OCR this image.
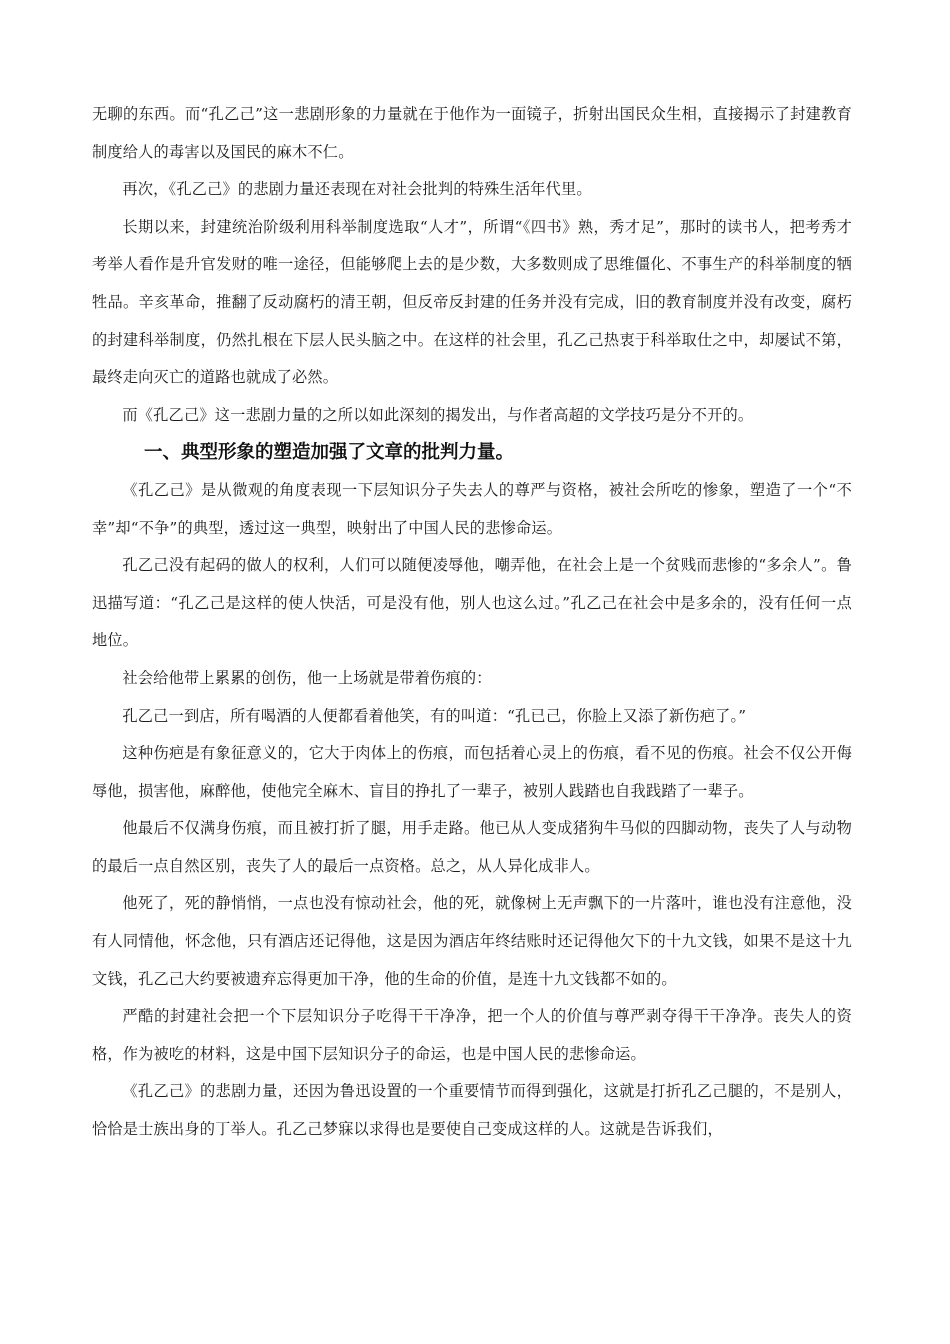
无聊的东西。而“孔乙己”这一悲剧形象的力量就在于他作为一面镜子，折射出国民众生相，直接揭示了封建教育制度给人的毒害以及国民的麻木不仁。

再次，《孔乙己》的悲剧力量还表现在对社会批判的特殊生活年代里。

长期以来，封建统治阶级利用科举制度选取“人才”，所谓“《四书》熟，秀才足”，那时的读书人，把考秀才考举人看作是升官发财的唯一途径，但能够爬上去的是少数，大多数则成了思维僵化、不事生产的科举制度的牺牲品。辛亥革命，推翻了反动腐朽的清王朝，但反帝反封建的任务并没有完成，旧的教育制度并没有改变，腐朽的封建科举制度，仍然扎根在下层人民头脑之中。在这样的社会里，孔乙己热衷于科举取仕之中，却屡试不第，最终走向灭亡的道路也就成了必然。

而《孔乙己》这一悲剧力量的之所以如此深刻的揭发出，与作者高超的文学技巧是分不开的。

一、典型形象的塑造加强了文章的批判力量。

《孔乙己》是从微观的角度表现一下层知识分子失去人的尊严与资格，被社会所吃的惨象，塑造了一个“不幸”却“不争”的典型，透过这一典型，映射出了中国人民的悲惨命运。

孔乙己没有起码的做人的权利，人们可以随便凌辱他，嘲弄他，在社会上是一个贫贱而悲惨的“多余人”。鲁迅描写道：“孔乙己是这样的使人快活，可是没有他，别人也这么过。”孔乙己在社会中是多余的，没有任何一点地位。

社会给他带上累累的创伤，他一上场就是带着伤痕的：

孔乙己一到店，所有喝酒的人便都看着他笑，有的叫道：“孔已己，你脸上又添了新伤疤了。”

这种伤疤是有象征意义的，它大于肉体上的伤痕，而包括着心灵上的伤痕，看不见的伤痕。社会不仅公开侮辱他，损害他，麻醉他，使他完全麻木、盲目的挣扎了一辈子，被别人践踏也自我践踏了一辈子。

他最后不仅满身伤痕，而且被打折了腿，用手走路。他已从人变成猪狗牛马似的四脚动物，丧失了人与动物的最后一点自然区别，丧失了人的最后一点资格。总之，从人异化成非人。

他死了，死的静悄悄，一点也没有惊动社会，他的死，就像树上无声飘下的一片落叶，谁也没有注意他，没有人同情他，怀念他，只有酒店还记得他，这是因为酒店年终结账时还记得他欠下的十九文钱，如果不是这十九文钱，孔乙己大约要被遗弃忘得更加干净，他的生命的价值，是连十九文钱都不如的。

严酷的封建社会把一个下层知识分子吃得干干净净，把一个人的价值与尊严剥夺得干干净净。丧失人的资格，作为被吃的材料，这是中国下层知识分子的命运，也是中国人民的悲惨命运。

《孔乙己》的悲剧力量，还因为鲁迅设置的一个重要情节而得到强化，这就是打折孔乙己腿的，不是别人，恰恰是士族出身的丁举人。孔乙己梦寐以求得也是要使自己变成这样的人。这就是告诉我们，
